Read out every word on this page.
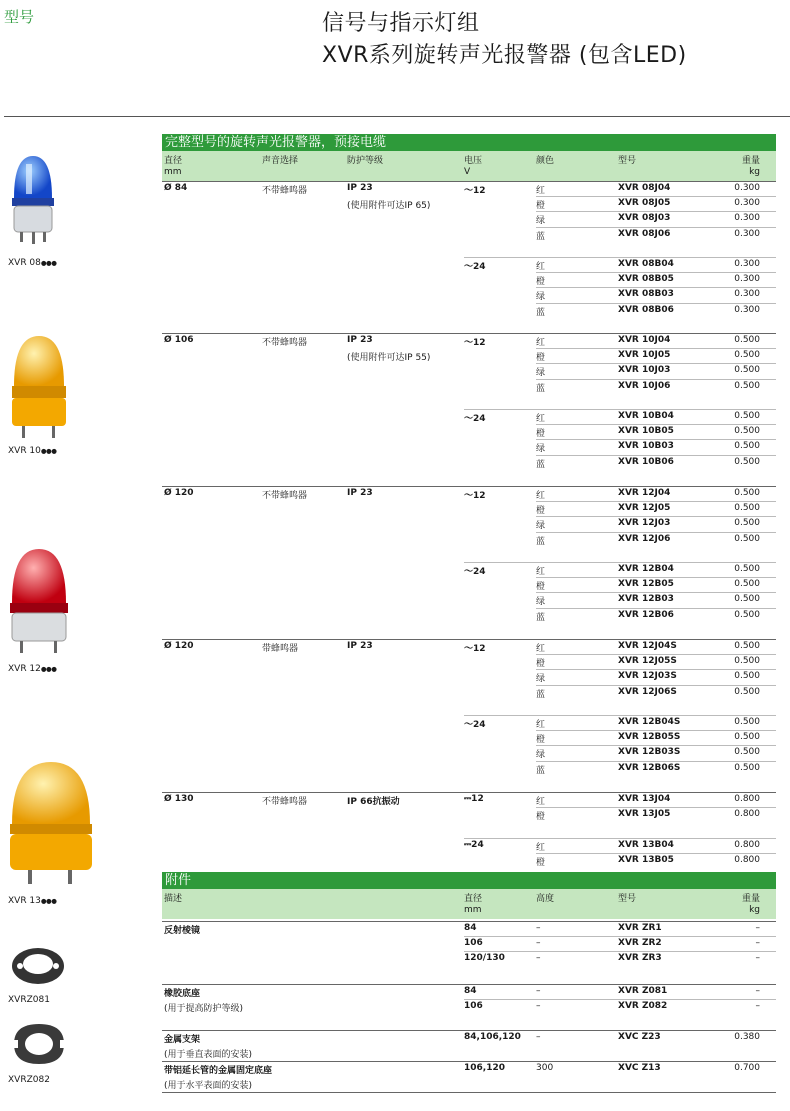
型号	信号与指示灯组
XVR系列旋转声光报警器 (包含LED)
XVR 08●●●
XVR 10●●●
XVR 12●●●
XVR 13●●●
XVRZ081
XVRZ082
完整型号的旋转声光报警器，预接电缆
直径
mm
声音选择	防护等级	电压
V
颜色	型号	重量
kg
Ø 84	不带蜂鸣器	IP 23	〜12	红	XVR 08J04	0.300
(使用附件可达IP 65)	橙	XVR 08J05	0.300
绿	XVR 08J03	0.300
蓝	XVR 08J06	0.300
〜24	红	XVR 08B04	0.300
橙	XVR 08B05	0.300
绿	XVR 08B03	0.300
蓝	XVR 08B06	0.300
Ø 106	不带蜂鸣器	IP 23	〜12	红	XVR 10J04	0.500
(使用附件可达IP 55)	橙	XVR 10J05	0.500
绿	XVR 10J03	0.500
蓝	XVR 10J06	0.500
〜24	红	XVR 10B04	0.500
橙	XVR 10B05	0.500
绿	XVR 10B03	0.500
蓝	XVR 10B06	0.500
Ø 120	不带蜂鸣器	IP 23	〜12	红	XVR 12J04	0.500
橙	XVR 12J05	0.500
绿	XVR 12J03	0.500
蓝	XVR 12J06	0.500
〜24	红	XVR 12B04	0.500
橙	XVR 12B05	0.500
绿	XVR 12B03	0.500
蓝	XVR 12B06	0.500
Ø 120	带蜂鸣器	IP 23	〜12	红	XVR 12J04S	0.500
橙	XVR 12J05S	0.500
绿	XVR 12J03S	0.500
蓝	XVR 12J06S	0.500
〜24	红	XVR 12B04S	0.500
橙	XVR 12B05S	0.500
绿	XVR 12B03S	0.500
蓝	XVR 12B06S	0.500
Ø 130	不带蜂鸣器	IP 66抗振动	⎓12	红	XVR 13J04	0.800
橙	XVR 13J05	0.800
⎓24	红	XVR 13B04	0.800
橙	XVR 13B05	0.800
附件
描述	直径
mm
高度	型号	重量
kg
反射棱镜	84	–	XVR ZR1	–
106	–	XVR ZR2	–
120/130	–	XVR ZR3	–
橡胶底座	84	–	XVR Z081	–
(用于提高防护等级)	106	–	XVR Z082	–
金属支架	84,106,120 –	XVC Z23	0.380
(用于垂直表面的安装)
带铝延长管的金属固定底座	106,120	300	XVC Z13	0.700
(用于水平表面的安装)
